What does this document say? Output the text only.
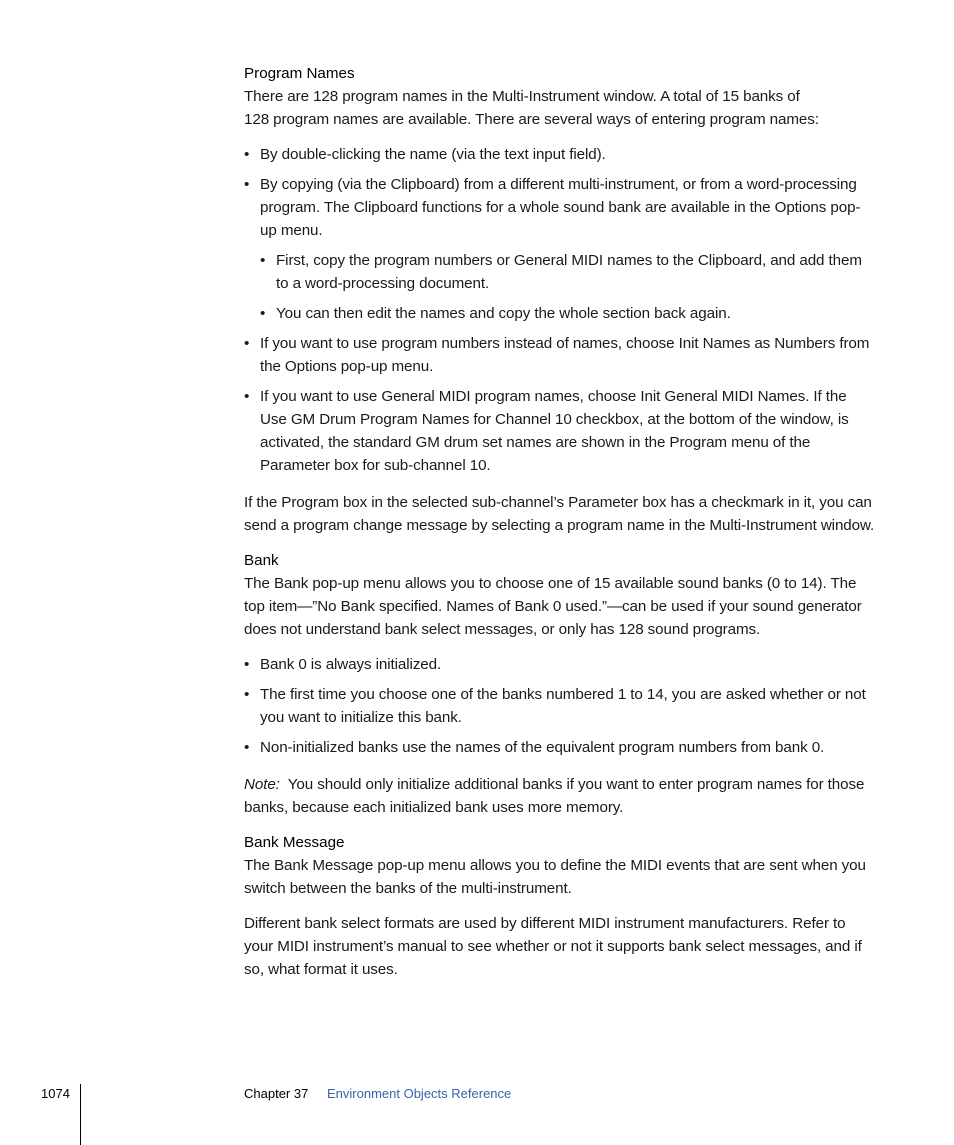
Program Names

There are 128 program names in the Multi-Instrument window. A total of 15 banks of
128 program names are available. There are several ways of entering program names:

• By double-clicking the name (via the text input field).
• By copying (via the Clipboard) from a different multi-instrument, or from a word-processing program. The Clipboard functions for a whole sound bank are available in the Options pop-up menu.
• First, copy the program numbers or General MIDI names to the Clipboard, and add them to a word-processing document.
• You can then edit the names and copy the whole section back again.
• If you want to use program numbers instead of names, choose Init Names as Numbers from the Options pop-up menu.
• If you want to use General MIDI program names, choose Init General MIDI Names. If the Use GM Drum Program Names for Channel 10 checkbox, at the bottom of the window, is activated, the standard GM drum set names are shown in the Program menu of the Parameter box for sub-channel 10.

If the Program box in the selected sub-channel’s Parameter box has a checkmark in it, you can send a program change message by selecting a program name in the Multi-Instrument window.

Bank

The Bank pop-up menu allows you to choose one of 15 available sound banks (0 to 14). The top item—”No Bank specified. Names of Bank 0 used.”—can be used if your sound generator does not understand bank select messages, or only has 128 sound programs.

• Bank 0 is always initialized.
• The first time you choose one of the banks numbered 1 to 14, you are asked whether or not you want to initialize this bank.
• Non-initialized banks use the names of the equivalent program numbers from bank 0.

Note: You should only initialize additional banks if you want to enter program names for those banks, because each initialized bank uses more memory.

Bank Message

The Bank Message pop-up menu allows you to define the MIDI events that are sent when you switch between the banks of the multi-instrument.

Different bank select formats are used by different MIDI instrument manufacturers. Refer to your MIDI instrument’s manual to see whether or not it supports bank select messages, and if so, what format it uses.

1074	Chapter 37 Environment Objects Reference
